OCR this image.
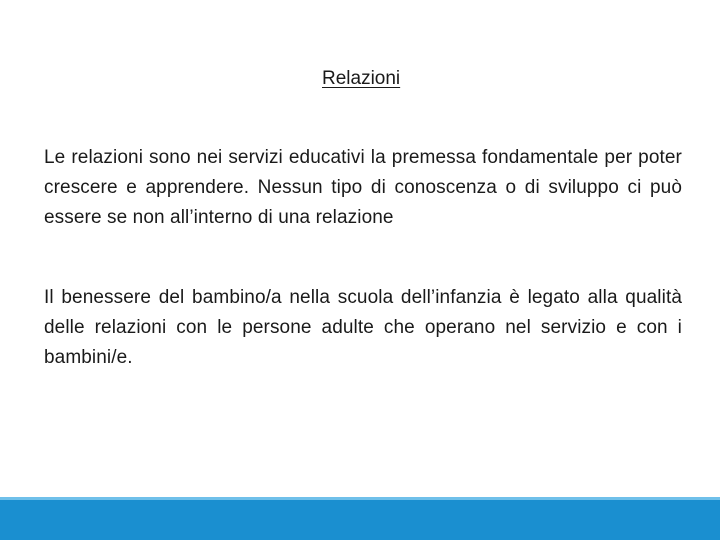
Relazioni

Le relazioni sono nei servizi educativi la premessa fondamentale per poter crescere e apprendere. Nessun tipo di conoscenza o di sviluppo ci può essere se non all’interno di una relazione

Il benessere del bambino/a nella scuola dell’infanzia è legato alla qualità delle relazioni con le persone adulte che operano nel servizio e con i bambini/e.
